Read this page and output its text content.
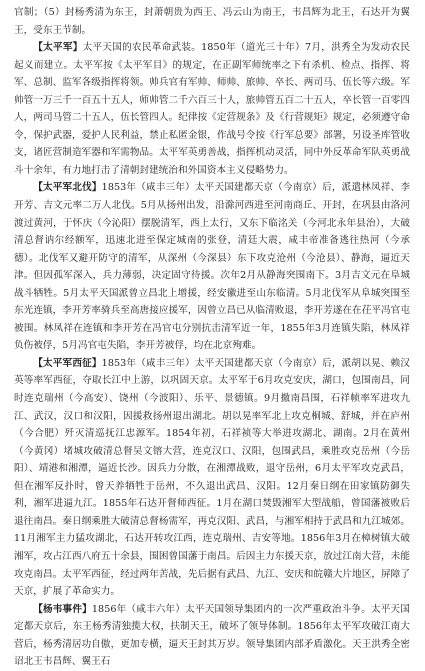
官制；（5）封杨秀清为东王，封萧朝贵为西王、冯云山为南王，韦昌辉为北王，石达开为翼王，受东王节制。

【太平军】太平天国的农民革命武装。1850年（道光三十年）7月，洪秀全为发动农民起义而建立。太平军按《太平军目》的规定，在正副军师统率之下有杀机、检点、指挥、将军、总制、监军各级指挥将领。帅兵官有军帅、师帅、旅帅、卒长、两司马、伍长等六级。军帅管一万三千一百五十五人，师帅管二千六百三十人，旅帅管五百二十五人，卒长管一百零四人，两司马管二十五人，伍长管四人。纪律按《定营规条》及《行营规矩》规定，必须遵守命令，保护武器，爱护人民利益，禁止私匿金银，作战号令按《行军总要》部署，另设圣库管收支，诸匠营制造军器和军需物品。太平军英勇善战，指挥机动灵活，同中外反革命军队英勇战斗十余年，有力地打击了清朝封建统治和外国资本主义侵略势力。

【太平军北伐】1853年（咸丰三年）太平天国建都天京（今南京）后，派遣林凤祥、李开芳、吉文元率二万人北伐。5月从扬州出发，沿滁河西进至河南商丘、开封，在巩县由洛河渡过黄河，于怀庆（今沁阳）摆脱清军，西上太行，又东下临洺关（今河北永年县治），大破清总督讷尔经额军，迅速北进至保定城南的张登，清廷大震，咸丰帝准备逃往热河（今承德）。北伐军又避开防守的清军，从深州（今深县）东下攻克沧州（今沧县）、静海，逼近天津。但因孤军深入，兵力薄弱，决定固守待援。次年2月从静海突围南下。3月吉文元在阜城战斗牺牲。5月太平天国派曾立昌北上增援，经安徽进至山东临清。5月北伐军从阜城突围至东光连镇，李开芳率骑兵至高唐接应援军，因曾立昌已从临清败退，李开芳遂在在茌平冯官屯被围。林凤祥在连镇和李开芳在冯官屯分别抗击清军近一年，1855年3月连镇失陷，林凤祥负伤被俘，5月冯官屯失陷，李开芳被俘，均在北京殉难。

【太平军西征】1853年（咸丰三年）太平天国建都天京（今南京）后，派胡以晃、赖汉英等率军西征，夺取长江中上游，以巩固天京。太平军于6月攻克安庆，湖口，包围南昌，同时连克瑞州（今高安）、饶州（今波阳）、乐平、景德镇。9月撤南昌围，石祥帧率军进攻九江、武汉，汉口和汉阳，因援救扬州退出湖北。胡以晃率军北上攻克桐城、舒城，并在庐州（今合肥）歼灭清巡抚江忠源军。1854年初，石祥祯等大举进攻湖北、湖南。2月在黄州（今黄冈）堵城攻破清总督吴文镕大营，连克汉口、汉阳，包围武昌，乘胜攻克岳州（今岳阳）、靖港和湘潭，逼近长沙。因兵力分散，在湘潭战败，退守岳州，6月太平军攻克武昌，但在湘军反扑时，曾天养牺牲于岳州，不久退出武昌、汉阳。12月秦日纲在田家镇防御失利，湘军进逼九江。1855年石达开督师西征。1月在湖口焚毁湘军大型战船，曾国藩被败后退往南昌。秦日纲乘胜大破清总督杨需军，再克汉阳、武昌，与湘军相持于武昌和九江城郊。11月湘军主力猛攻湖北，石达开转攻江西，连克瑞州、吉安等地。1856年3月在樟树镇大破湘军，攻占江西八府五十余县，围困曾国藩于南昌。后因主力东援天京，放过江南大营，未能攻克南昌。太平军西征，经过两年苦战，先后据有武昌、九江、安庆和皖赣大片地区，屏障了天京，扩展了革命实力。

【杨韦事件】1856年（咸丰六年）太平天国领导集团内的一次严重政治斗争。太平天国定都天京后，东王杨秀清独揽大权，扶制天王，破坏了领导体制。1856年太平军攻破江南大营后，杨秀清居功自傲，更加专横，逼天王封其万岁。领导集团内部矛盾激化。天王洪秀全密诏北王韦昌辉、翼王石
